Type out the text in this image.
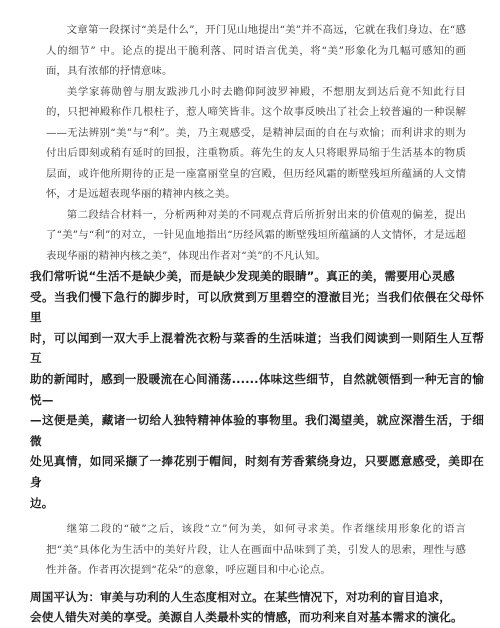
文章第一段探讨“美是什么”，开门见山地提出“美”并不高远，它就在我们身边、在“感人的细节” 中。论点的提出干脆利落、同时语言优美，将“美”形象化为几幅可感知的画面，具有浓郁的抒情意味。

美学家蒋勋曾与朋友跋涉几小时去瞻仰阿波罗神殿，不想朋友到达后竟不知此行目的，只把神殿称作几根柱子，惹人啼笑皆非。这个故事反映出了社会上较普遍的一种误解——无法辨别“美”与“利”。美，乃主观感受，是精神层面的自在与欢愉；而利讲求的则为付出后即刻或稍有延时的回报，注重物质。蒋先生的友人只将眼界局缩于生活基本的物质层面，或许他所期待的正是一座富丽堂皇的宫殿，但历经风霜的断壁残垣所蕴涵的人文情怀，才是远超表现华丽的精神内核之美。

第二段结合材料一，分析两种对美的不同观点背后所折射出来的价值观的偏差，提出了“美”与“利”的对立，一针见血地指出“历经风霜的断壁残垣所蕴涵的人文情怀，才是远超表现华丽的精神内核之美”，体现出作者对“美”的不凡认知。

我们常听说“生活不是缺少美，而是缺少发现美的眼睛”。真正的美，需要用心灵感
受。当我们慢下急行的脚步时，可以欣赏到万里碧空的澄澈目光；当我们依偎在父母怀里
时，可以闻到一双大手上混着洗衣粉与菜香的生活味道；当我们阅读到一则陌生人互帮互
助的新闻时，感到一股暖流在心间涌荡......体味这些细节，自然就领悟到一种无言的愉悦—
—这便是美，藏诸一切给人独特精神体验的事物里。我们渴望美，就应深潜生活，于细微
处见真情，如同采撷了一捧花别于帽间，时刻有芳香萦绕身边，只要愿意感受，美即在身
边。

继第二段的“破”之后，该段“立”何为美，如何寻求美。作者继续用形象化的语言把“美”具体化为生活中的美好片段，让人在画面中品味到了美，引发人的思索，理性与感性并备。作者再次提到“花朵”的意象，呼应题目和中心论点。

周国平认为：审美与功利的人生态度相对立。在某些情况下，对功利的盲目追求，
会使人错失对美的享受。美源自人类最朴实的情感，而功利来自对基本需求的演化。
